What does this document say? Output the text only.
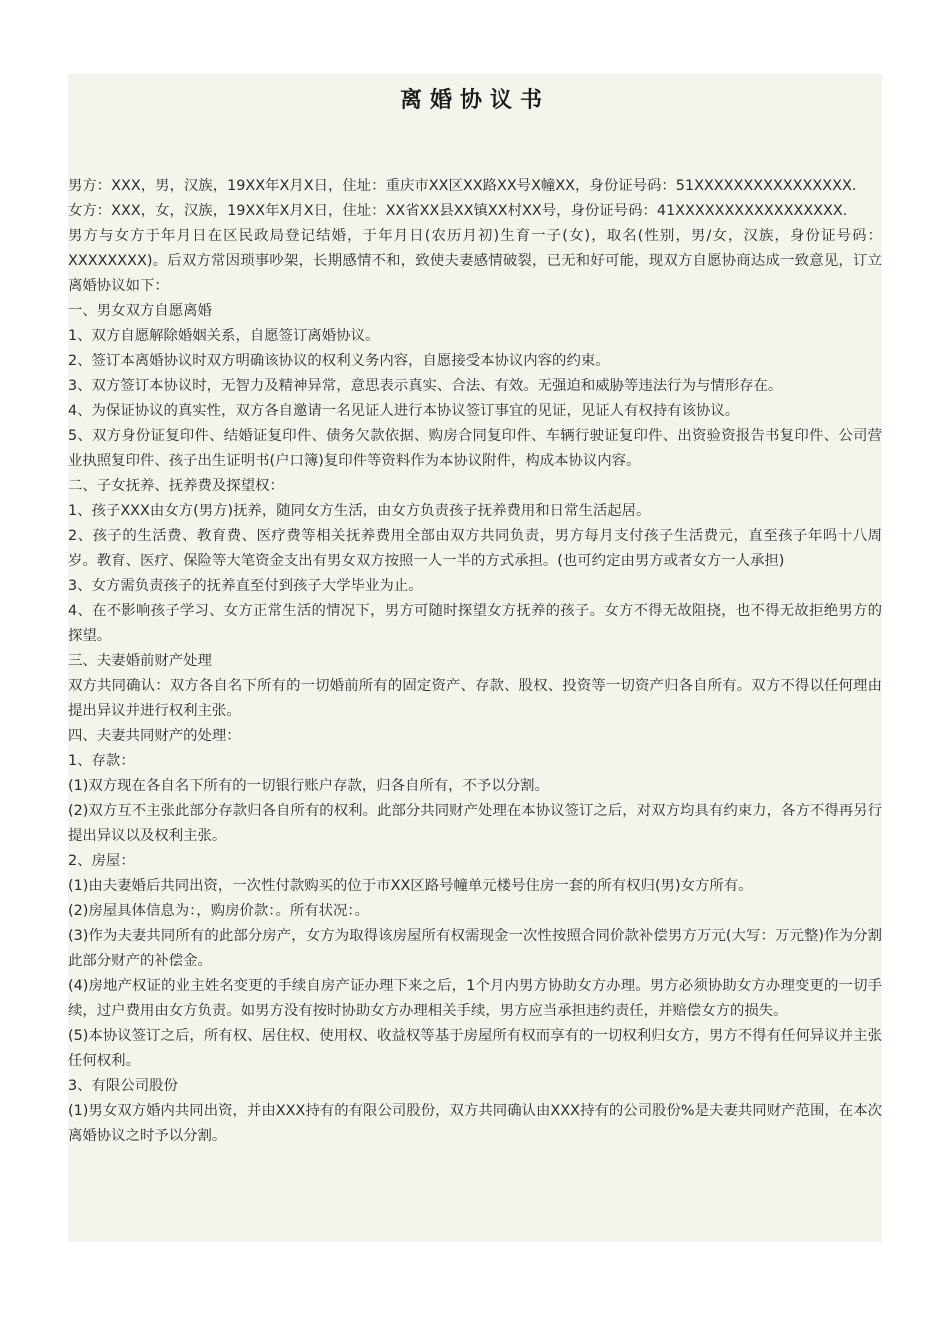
离婚协议书

男方：XXX，男，汉族，19XX年X月X日，住址：重庆市XX区XX路XX号X幢XX，身份证号码：51XXXXXXXXXXXXXXXX.

女方：XXX，女，汉族，19XX年X月X日，住址：XX省XX县XX镇XX村XX号，身份证号码：41XXXXXXXXXXXXXXXXX.

男方与女方于年月日在区民政局登记结婚，于年月日(农历月初)生育一子(女)，取名(性别，男/女，汉族，身份证号码：XXXXXXXX)。后双方常因琐事吵架，长期感情不和，致使夫妻感情破裂，已无和好可能，现双方自愿协商达成一致意见，订立离婚协议如下：

一、男女双方自愿离婚

1、双方自愿解除婚姻关系，自愿签订离婚协议。

2、签订本离婚协议时双方明确该协议的权利义务内容，自愿接受本协议内容的约束。

3、双方签订本协议时，无智力及精神异常，意思表示真实、合法、有效。无强迫和威胁等违法行为与情形存在。

4、为保证协议的真实性，双方各自邀请一名见证人进行本协议签订事宜的见证，见证人有权持有该协议。

5、双方身份证复印件、结婚证复印件、债务欠款依据、购房合同复印件、车辆行驶证复印件、出资验资报告书复印件、公司营业执照复印件、孩子出生证明书(户口簿)复印件等资料作为本协议附件，构成本协议内容。

二、子女抚养、抚养费及探望权：

1、孩子XXX由女方(男方)抚养，随同女方生活，由女方负责孩子抚养费用和日常生活起居。

2、孩子的生活费、教育费、医疗费等相关抚养费用全部由双方共同负责，男方每月支付孩子生活费元，直至孩子年吗十八周岁。教育、医疗、保险等大笔资金支出有男女双方按照一人一半的方式承担。(也可约定由男方或者女方一人承担)

3、女方需负责孩子的抚养直至付到孩子大学毕业为止。

4、在不影响孩子学习、女方正常生活的情况下，男方可随时探望女方抚养的孩子。女方不得无故阻挠，也不得无故拒绝男方的探望。

三、夫妻婚前财产处理

双方共同确认：双方各自名下所有的一切婚前所有的固定资产、存款、股权、投资等一切资产归各自所有。双方不得以任何理由提出异议并进行权利主张。

四、夫妻共同财产的处理：

1、存款：

(1)双方现在各自名下所有的一切银行账户存款，归各自所有，不予以分割。

(2)双方互不主张此部分存款归各自所有的权利。此部分共同财产处理在本协议签订之后，对双方均具有约束力，各方不得再另行提出异议以及权利主张。

2、房屋：

(1)由夫妻婚后共同出资，一次性付款购买的位于市XX区路号幢单元楼号住房一套的所有权归(男)女方所有。

(2)房屋具体信息为：，购房价款：。所有状况：。

(3)作为夫妻共同所有的此部分房产，女方为取得该房屋所有权需现金一次性按照合同价款补偿男方万元(大写：万元整)作为分割此部分财产的补偿金。

(4)房地产权证的业主姓名变更的手续自房产证办理下来之后，1个月内男方协助女方办理。男方必须协助女方办理变更的一切手续，过户费用由女方负责。如男方没有按时协助女方办理相关手续，男方应当承担违约责任，并赔偿女方的损失。

(5)本协议签订之后，所有权、居住权、使用权、收益权等基于房屋所有权而享有的一切权利归女方，男方不得有任何异议并主张任何权利。

3、有限公司股份

(1)男女双方婚内共同出资，并由XXX持有的有限公司股份，双方共同确认由XXX持有的公司股份%是夫妻共同财产范围，在本次离婚协议之时予以分割。
